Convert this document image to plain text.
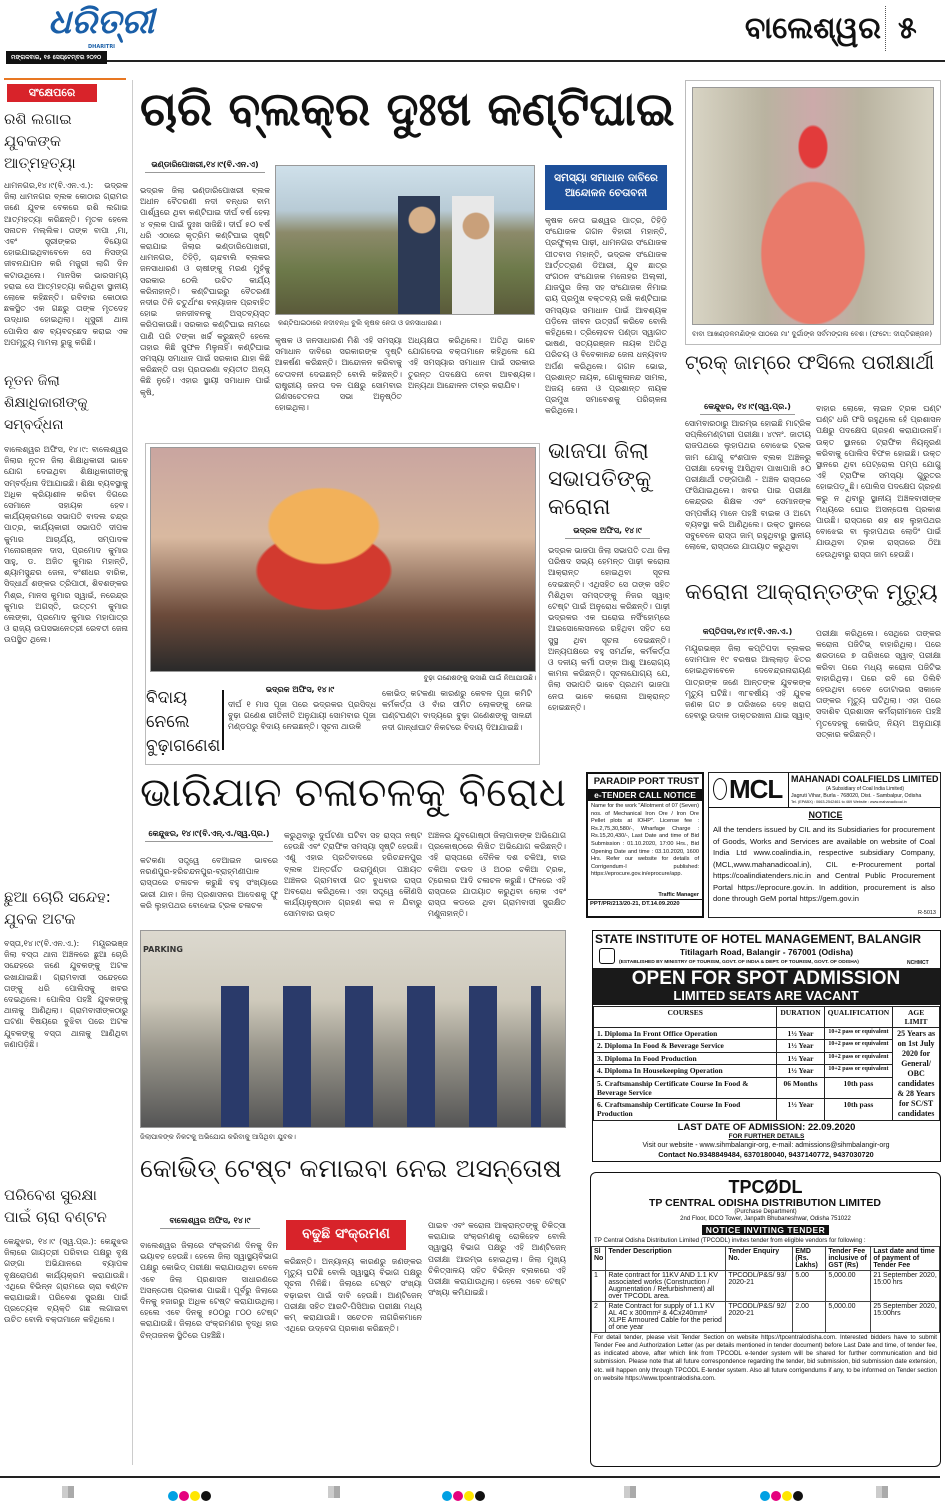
ଧରିତ୍ରୀ
DHARITRI
ମଙ୍ଗଳବାର, ୧୫ ସେପ୍ଟେମ୍ବର ୨୦୨୦
ବାଲେଶ୍ୱର ୫
ସଂକ୍ଷେପରେ
ରଶି ଲଗାଇ ଯୁବକଙ୍କ ଆତ୍ମହତ୍ୟା
ଧାମନଗର,୧୪।୯(ବି.ଏନ.ଏ.): ଭଦ୍ରକ ଜିଲା ଧାମନଗର ବ୍ଲକ କୋଠାର ଗ୍ରାମର ଜଣେ ଯୁବକ ବେକରେ ରଶି ଲଗାଇ ଆତ୍ମହତ୍ୟା କରିଛନ୍ତି। ମୃତକ ହେଲେ ସନାତନ ମଲ୍ଲିକ। ତାଙ୍କ ବାପା ,ମା, ଏବଂ ସ୍ତ୍ରୀଙ୍କର ବିୟୋଗ ହୋଇଯାଇଥିବାବେଳେ ସେ ନିସଙ୍ଗ ଜୀବନଯାପନ କରି ମଜୁରୀ ଲାଗି ଦିନ କଟାଉଥିଲେ। ମାନସିକ ଭାରସାମ୍ୟ ହରାଇ ସେ ଆତ୍ମହତ୍ୟା କରିଥିବା ସ୍ଥାନୀୟ ଲୋକେ କହିଛନ୍ତି। ରବିବାର କୋଠାର ଛକସ୍ଥିତ ଏକ ଗଛରୁ ତାଙ୍କ ମୃତଦେହ ଉଦ୍ଧାର ହୋଇଥିଲା। ଧୂସୁରୀ ଥାନା ପୋଲିସ ଶବ ବ୍ୟବଚ୍ଛେଦ କରାଇ ଏକ ଅପମୃତ୍ୟୁ ମାମଲା ରୁଜୁ କରିଛି।
ନୂତନ ଜିଲା ଶିକ୍ଷାଧିକାରୀଙ୍କୁ ସମ୍ବର୍ଦ୍ଧନା
ବାଲେଶ୍ୱର ଅଫିସ, ୧୪।୯: ବାଲେଶ୍ୱର ଜିଲାର ନୂତନ ଜିଲା ଶିକ୍ଷାଧିକାରୀ ଭାବେ ଯୋଗ ଦେଇଥିବା ଶିକ୍ଷାଧିକାରୀଙ୍କୁ ସମ୍ବର୍ଦ୍ଧନା ଦିଆଯାଇଛି। ଶିକ୍ଷା ବ୍ୟବସ୍ଥାକୁ ଅଧିକ କ୍ରିୟାଶୀଳ କରିବା ଦିଗରେ ସେମାନେ ସହାୟକ ହେବ। କାର୍ଯ୍ୟକ୍ରମରେ ସଭାପତି ବାଦଲ ଚନ୍ଦ୍ର ପାତ୍ର, କାର୍ଯ୍ୟକାରୀ ସଭାପତି ଦୀପକ କୁମାର ଆଚାର୍ଯ୍ୟ, ସମ୍ପାଦକ ମନୋରଞ୍ଜନ ଦାସ, ପ୍ରମୋଦ କୁମାର ସାହୁ, ଡ. ଅଜିତ କୁମାର ମହାନ୍ତି, ଶ୍ୟାମସୁନ୍ଦର ଜେନା, ବଂଶୀଧର ବାରିକ, ସିଦ୍ଧାର୍ଥ ଶଙ୍କର ତ୍ରିପାଠୀ, ଶିବଶଙ୍କର ମିଶ୍ର, ମାନସ କୁମାର ସ୍ୱାଇଁ, ନରେନ୍ଦ୍ର କୁମାର ଅଗସ୍ତି, ଉତ୍ତମ କୁମାର ଲେଙ୍କା, ପ୍ରମୋଦ କୁମାର ମହାପାତ୍ର ଓ ରାଜ୍ୟ ଉପସଭାନେତ୍ରୀ ରେବତୀ ଜେନା ଉପସ୍ଥିତ ଥିଲେ।
ଛୁଆ ଚୋରି ସନ୍ଦେହ: ଯୁବକ ଅଟକ
ବସ୍ତା,୧୪।୯(ବି.ଏନ.ଏ.): ମୟୂରଭଞ୍ଜ ଜିଲା ବସ୍ତା ଥାନା ଅଞ୍ଚଳରେ ଛୁଆ ଚୋରି ସନ୍ଦେହରେ ଜଣେ ଯୁବକଙ୍କୁ ଅଟକ ରଖାଯାଇଛି। ଗ୍ରାମବାସୀ ସନ୍ଦେହରେ ତାଙ୍କୁ ଧରି ପୋଲିସକୁ ଖବର ଦେଇଥିଲେ। ପୋଲିସ ପହଞ୍ଚି ଯୁବକଙ୍କୁ ଥାନାକୁ ଆଣିଥିଲା। ଗ୍ରାମବାସୀଙ୍କଠାରୁ ଘଟଣା ବିଷୟରେ ବୁଝିବା ପରେ ଅଟକ ଯୁବକଙ୍କୁ ବସ୍ତା ଥାନାକୁ ଆଣିଥିବା ଜଣାପଡ଼ିଛି।
ପରିବେଶ ସୁରକ୍ଷା ପାଇଁ ଚାରା ବଣ୍ଟନ
କେନ୍ଦୁଝର, ୧୪।୯ (ସ୍ୱ.ପ୍ର.): କେନ୍ଦୁଝର ଜିଲାରେ ଗାୟତ୍ରୀ ପରିବାର ପକ୍ଷରୁ ବୃକ୍ଷ ଗଙ୍ଗା ଅଭିଯାନରେ ବ୍ୟାପକ ବୃକ୍ଷରୋପଣ କାର୍ଯ୍ୟକ୍ରମ କରାଯାଉଛି। ଏଥିରେ ବିଭିନ୍ନ ଗ୍ରାମରେ ଚାରା ବଣ୍ଟନ କରାଯାଇଛି। ପରିବେଶ ସୁରକ୍ଷା ପାଇଁ ପ୍ରତ୍ୟେକ ବ୍ୟକ୍ତି ଗଛ ଲଗାଇବା ଉଚିତ ବୋଲି ବକ୍ତାମାନେ କହିଥିଲେ।
ଚାରି ବ୍ଲକ୍‌ର ଦୁଃଖ କଣ୍ଟିଘାଇ
ଭଣ୍ଡାରିପୋଖରୀ,୧୪।୯(ବି.ଏନ.ଏ)
ଭଦ୍ରକ ଜିଲା ଭଣ୍ଡାରିପୋଖରୀ ବ୍ଲକ ଅଧୀନ ବୈତରଣୀ ନଦୀ ବନ୍ଧର ବାମ ପାର୍ଶ୍ୱରେ ଥିବା କଣ୍ଟିଘାଇ ଦୀର୍ଘ ବର୍ଷ ହେଲା ୪ ବ୍ଲକ ପାଇଁ ଦୁଃଖ ସାଜିଛି। ଦୀର୍ଘ ୫୦ ବର୍ଷ ଧରି ଏଠାରେ କୃତ୍ରିମ କଣ୍ଟିଘାଇ ସୃଷ୍ଟି କରାଯାଇ ଜିଲାର ଭଣ୍ଡାରିପୋଖରୀ, ଧାମନଗର, ତିହିଡ଼ି, ଚାନ୍ଦବାଲି ବ୍ଲକର ଜନସାଧାରଣ ଓ ଚାଷୀଙ୍କୁ ମରଣ ମୁହଁକୁ ସରକାର ଠେଲି ଉଚିତ କାର୍ଯ୍ୟ କରିନାହାନ୍ତି। କଣ୍ଟିଘାଇରୁ ବୈତରଣୀ ନଦୀର ତିନି ଚତୁର୍ଥାଂଶ ବନ୍ୟାଜଳ ପ୍ରବାହିତ ହୋଇ ଜନଜୀବନକୁ ଅସ୍ତବ୍ୟସ୍ତ କରିପକାଉଛି। ସରକାର କଣ୍ଟିଘାଇ ନାମରେ ପାଣି ପରି ଟଙ୍କା ଖର୍ଚ୍ଚ କରୁଛନ୍ତି ହେଲେ ତାହାର କିଛି ସୁଫଳ ମିଳୁନାହିଁ। କଣ୍ଟିଘାଇ ସମସ୍ୟା ସମାଧାନ ପାଇଁ ସରକାର ଯାହା କିଛି କରିଛନ୍ତି ତାହା ପ୍ରତାରଣା ବ୍ୟତୀତ ଅନ୍ୟ କିଛି ନୁହେଁ। ଏହାର ସ୍ଥାୟୀ ସମାଧାନ ପାଇଁ କୃଷି,
କଣ୍ଟିଘାଇଠାରେ ନଦୀବନ୍ଧ ବୁଲି କୃଷକ ନେତା ଓ ଜନସାଧାରଣ।
କୃଷକ ଓ ଜନସାଧାରଣ ମିଶି ଏହି ସମସ୍ୟା ସମାଧାନ ଦାବିରେ ସରକାରଙ୍କ ଦୃଷ୍ଟି ଆକର୍ଷଣ କରିଛନ୍ତି। ଆନ୍ଦୋଳନ କରିବାକୁ ଚେତାବନୀ ଦେଇଛନ୍ତି ବୋଲି କହିଛନ୍ତି। ରାଷ୍ଟ୍ରୀୟ ଜନତା ଦଳ ପକ୍ଷରୁ ସୋମବାର ଗଣସଚେତନତା ସଭା ଅନୁଷ୍ଠିତ ହୋଇଥିଲା।
ଅଧ୍ୟକ୍ଷତା କରିଥିଲେ। ଅତିଥି ଭାବେ ଯୋଗଦେଇ ବକ୍ତାମାନେ କହିଥିଲେ ଯେ ଏହି ସମସ୍ୟାର ସମାଧାନ ପାଇଁ ସରକାର ତୁରନ୍ତ ପଦକ୍ଷେପ ନେବା ଆବଶ୍ୟକ। ଅନ୍ୟଥା ଆନ୍ଦୋଳନ ତୀବ୍ର କରାଯିବ।
ସମସ୍ୟା ସମାଧାନ ଦାବିରେ ଆନ୍ଦୋଳନ ଚେତାବନୀ
କୃଷକ ନେତା ଇଶ୍ୱର ପାତ୍ର, ତିହିଡ଼ି ସଂଯୋଜକ ଗଗନ ବିହାରୀ ମହାନ୍ତି, ପ୍ରଫୁଲ୍ଲ ପାଢ଼ୀ, ଧାମନଗର ସଂଯୋଜକ ପୀତବାସ ମହାନ୍ତି, ଭଦ୍ରକ ସଂଯୋଜକ ଆର୍ତ୍ତତ୍ରାଣ ଡିଆରୀ, ଯୁବ ଛାତ୍ର ସଂଗଠନ ସଂଯୋଜକ ମନୋହର ଅଲ୍ଲୀ, ଯାଜପୁର ଜିଲା ସହ ସଂଯୋଜକ ନିମାଇ ରାୟ ପ୍ରମୁଖ ବକ୍ତବ୍ୟ ରଖି କଣ୍ଟିଘାଇ ସମସ୍ୟାର ସମାଧାନ ପାଇଁ ଆବଶ୍ୟକ ପଡ଼ିଲେ ଜୀବନ ଉତ୍ସର୍ଗ କରିବେ ବୋଲି କହିଥିଲେ। ତ୍ରିଲୋଚନ ପଣ୍ଡା ସ୍ୱାଗତ ଭାଷଣ, ସତ୍ୟରଞ୍ଜନ ନାୟକ ଅତିଥି ପରିଚୟ ଓ ବିବେକାନନ୍ଦ ଜେନା ଧନ୍ୟବାଦ ଅର୍ପଣ କରିଥିଲେ। ଗଗନ ଭୋଇ, ପ୍ରଶାନ୍ତ ନାୟକ, ଗୋକୁଳାନନ୍ଦ ସାମଲ, ଅଜୟ ଜେନା ଓ ପ୍ରଶାନ୍ତ ନାୟକ ପ୍ରମୁଖ ସମାବେଶକୁ ପରିଚାଳନା କରିଥିଲେ।
ବାବା ଆଖଣ୍ଡଳମଣିଙ୍କ ପୀଠରେ ମା' ଦୁର୍ଗାଙ୍କ ସର୍ବମଙ୍ଗଳା ବେଶ। (ଫଟୋ: ଦୀପ୍ତିରଞ୍ଜନ)
ଟ୍ରକ୍ ଜାମ୍‌ରେ ଫସିଲେ ପରୀକ୍ଷାର୍ଥୀ
କେନ୍ଦୁଝର, ୧୪।୯(ସ୍ୱ.ପ୍ର.)
ସୋମବାରଠାରୁ ଆରମ୍ଭ ହୋଇଛି ମାଟ୍ରିକ ସପ୍ଲିମେଣ୍ଟାରୀ ପରୀକ୍ଷା। ୪୯ନଂ. ଜାତୀୟ ରାଜପଥରେ ଲୁହାପଥର ବୋଝେଇ ଟ୍ରକ ଜାମ ଯୋଗୁ ବଂଶପାଳ ବ୍ଲକ ଅଞ୍ଚଳରୁ ପରୀକ୍ଷା ଦେବାକୁ ଆସିଥିବା ପାଖାପାଖି ୫୦ ପରୀକ୍ଷାର୍ଥୀ ତଙ୍ଗପାଣି - ଅଞ୍ଚଳ ରାସ୍ତାରେ ଫସିଯାଇଥିଲେ। ଖବର ପାଇ ପରୀକ୍ଷା କେନ୍ଦ୍ରର ଶିକ୍ଷକ ଏବଂ ସେମାନଙ୍କ ସମ୍ପର୍କୀୟ ମାନେ ପହଞ୍ଚି ବାଇକ ଓ ଅଟୋ ବ୍ୟବସ୍ଥା କରି ଆଣିଥିଲେ। ଉକ୍ତ ସ୍ଥାନରେ ସବୁବେଳେ ରାସ୍ତା ଜାମ୍ ରହୁଥିବାରୁ ସ୍ଥାନୀୟ ଲୋକେ, ରାସ୍ତାରେ ଯାତାୟାତ କରୁଥିବା
ବାହାର ଲୋକେ, ଲାଇନ ଟ୍ରକ ଘଣ୍ଟ ଘଣ୍ଟ ଧରି ଫସି ରହୁଥିଲେ ହେଁ ପ୍ରଶାସନ ପକ୍ଷରୁ ପଦକ୍ଷେପ ଗ୍ରହଣ କରାଯାଉନାହିଁ। ଉକ୍ତ ସ୍ଥାନରେ ଟ୍ରାଫିକ ନିୟନ୍ତ୍ରଣ କରିବାକୁ ପୋଲିସ ବିଫଳ ହୋଇଛି। ଉକ୍ତ ସ୍ଥାନରେ ଥିବା ପେଟ୍ରୋଲ ପମ୍ପ ଯୋଗୁ ଏହି ଟ୍ରାଫିକ ସମସ୍ୟା ଗୁରୁତର ହୋଇପଡ଼ୁଛି। ପୋଲିସ ପଦକ୍ଷେପ ଗ୍ରହଣ କରୁ ନ ଥିବାରୁ ସ୍ଥାନୀୟ ଅଞ୍ଚଳବାସୀଙ୍କ ମଧ୍ୟରେ ଘୋର ଅସନ୍ତୋଷ ପ୍ରକାଶ ପାଉଛି। ରାସ୍ତାରେ ଶହ ଶହ ଲୁହାପଥର ବୋଝେଇ ବା ଲୁହାପଥର ଲୋଡିଂ ପାଇଁ ଯାଉଥିବା ଟ୍ରକ ରାସ୍ତାରେ ଠିଆ ହେଉଥିବାରୁ ରାସ୍ତା ଜାମ ହେଉଛି।
ଭାଜପା ଜିଲା ସଭାପତିଙ୍କୁ କରୋନା
ଭଦ୍ରକ ଅଫିସ, ୧୪।୯
ଭଦ୍ରକ ଭାଜପା ଜିଲା ସଭାପତି ତଥା ଜିଲା ପରିଷଦ ସଭ୍ୟ ହେମନ୍ତ ପାଢ଼ୀ କରୋନା ଆକ୍ରାନ୍ତ ହୋଇଥିବା ସୂଚନା ଦେଇଛନ୍ତି। ଏଥିସହିତ ସେ ତାଙ୍କ ସହିତ ମିଶିଥିବା ସମସ୍ତଙ୍କୁ ନିଜର ସ୍ୱାବ୍ ଟେଷ୍ଟ ପାଇଁ ଅନୁରୋଧ କରିଛନ୍ତି। ପାଢ଼ୀ ଭଦ୍ରକର ଏକ ଘରୋଇ ନର୍ସିଂହୋମ୍‌ରେ ଆଇସୋଲେସନରେ ରହିଥିବା ସହିତ ସେ ସୁସ୍ଥ ଥିବା ସୂଚନା ଦେଇଛନ୍ତି। ଅନ୍ୟପକ୍ଷରେ ବହୁ ସମର୍ଥକ, କର୍ମକର୍ତ୍ତା ଓ ଦଳୀୟ କର୍ମୀ ତାଙ୍କ ଆଶୁ ଆରୋଗ୍ୟ କାମନା କରିଛନ୍ତି। ସୂଚନାଯୋଗ୍ୟ ଯେ, ଜିଲା ସଭାପତି ଭାବେ ପ୍ରଥମ ଭାଜପା ନେତା ଭାବେ କରୋନା ଆକ୍ରାନ୍ତ ହୋଇଛନ୍ତି।
ବୁଢ଼ା ଗଣେଶଙ୍କୁ ଭସାଣି ପାଇଁ ନିଆଯାଉଛି।
ବିଦାୟ ନେଲେ ବୁଢ଼ାଗଣେଶ
ଭଦ୍ରକ ଅଫିସ, ୧୪।୯
ଦୀର୍ଘ ୧ ମାସ ପୂଜା ପରେ ଭଦ୍ରକର ପ୍ରସିଦ୍ଧ ବୁଢ଼ା ଗଣେଶ ରୀତିନୀତି ଅନୁଯାୟୀ ସୋମବାର ପୂଜା ମଣ୍ଡପରୁ ବିଦାୟ ନେଇଛନ୍ତି। ସୂଚନା ଥାଉକି
କୋଭିଡ୍ କଟକଣା କାରଣରୁ କେବଳ ପୂଜା କମିଟି କର୍ମକର୍ତ୍ତା ଓ ବାଁର ସୀମିତ ଲୋକଙ୍କୁ ନେଇ ଘଣ୍ଟଘଣ୍ଟା ବାଦ୍ୟରେ ବୁଢ଼ା ଗଣେଶଙ୍କୁ ସାଳନ୍ଦୀ ନଦୀ ଗାନ୍ଧୀଘାଟ ନିକଟରେ ବିଦାୟ ଦିଆଯାଇଛି।
କରୋନା ଆକ୍ରାନ୍ତଙ୍କ ମୃତ୍ୟୁ
କପ୍ତିପଦା,୧୪।୯(ବି.ଏନ.ଏ.)
ମୟୂରଭଞ୍ଜ ଜିଲା କପ୍ତିପଦା ବ୍ଲକର ଦୋମପାଳ ୧୯ ବରଷର ଆଲ୍ଲାଡ଼ ଝିତର ହୋଇଥିବାବେଳେ ଦେବେନ୍ଦ୍ରନାରାୟଣ ପାତ୍ରଙ୍କ ଜଣେ ଆନ୍ତଙ୍କ ଯୁବକଙ୍କ ମୃତ୍ୟୁ ଘଟିଛି। ୩୮ବର୍ଷୀୟ ଏହି ଯୁବକ ଜଣକ ଗତ ୭ ତାରିଖରେ ଦେହ ଖରାପ ହେବାରୁ ଉଦାଳ ଡାକ୍ତରଖାନା ଯାଇ ସ୍ୱାବ୍
ପରୀକ୍ଷା କରିଥିଲେ। ସେଥିରେ ତାଙ୍କର କରୋନା ପଜିଟିଭ୍ ବାହାରିଥିଲା। ପରେ ଶରଡାରେ ୭ ତାରିଖରେ ସ୍ୱାବ୍ ପରୀକ୍ଷା କରିବା ପରେ ମଧ୍ୟ କରୋନା ପଜିଟିଭ ବାହାରିଥିଲା। ପରେ ରବି ରେ ଡିଲିବି ହେଉଥିବା ଦେବେ ଡୋଟାଭର ସକାଳେ ତାଙ୍କର ମୃତ୍ୟୁ ଘଟିଥିଲା। ଏହା ପରେ ସଦାଶିବ ପ୍ରଶାସନ କର୍ମଚାରୀମାନେ ପହଞ୍ଚି ମୃତଦେହକୁ କୋଭିଡ୍ ନିୟମ ଅନୁଯାୟୀ ସତ୍କାର କରିଛନ୍ତି।
ଭାରିଯାନ ଚଳାଚଳକୁ ବିରୋଧ
କେନ୍ଦୁଝର, ୧୪।୯(ବି.ଏନ୍.ଏ./ସ୍ୱ.ପ୍ର.)
କଟକଣା ସତ୍ତ୍ୱେ ବେଆଇନ ଭାବରେ ନରଣପୁର-ହରିଚନ୍ଦନପୁର-ବ୍ରାହ୍ମଣୀପାଳ ରାସ୍ତାରେ ଚଳାଚଳ କରୁଛି ବହୁ ସଂଖ୍ୟାରେ ଭାରୀ ଯାନ। ଜିଲା ପ୍ରଶାସନର ଆଦେଶକୁ ଫୁ କରି ଲୁହାପଥର ବୋଝେଇ ଟ୍ରକ ଚଳାଚଳ
କରୁଥିବାରୁ ଦୁର୍ଘଟଣା ଘଟିବା ସହ ରାସ୍ତା ନଷ୍ଟ ହେଉଛି ଏବଂ ଟ୍ରାଫିକ ସମସ୍ୟା ସୃଷ୍ଟି ହେଉଛି। ଏଣୁ ଏହାର ପ୍ରତିବାଦରେ ହରିଚନ୍ଦନପୁର ବ୍ଲକ ଅନ୍ତର୍ଗତ ଉରାମୁଣ୍ଡା ପଞ୍ଚାୟତ ଅଞ୍ଚଳର ଗ୍ରାମବାସୀ ଗତ ବୁଧବାର ରାସ୍ତା ଅବରୋଧ କରିଥିଲେ। ଏହା ସତ୍ତ୍ୱେ କୌଣସି କାର୍ଯ୍ୟାନୁଷ୍ଠାନ ଗ୍ରହଣ କରା ନ ଯିବାରୁ ସୋମବାର ଉକ୍ତ
ଅଞ୍ଚଳର ଯୁବଗୋଷ୍ଠୀ ଜିଲାପାଳଙ୍କ ଅଭିଯୋଗ ପ୍ରକୋଷ୍ଠରେ ଲିଖିତ ଅଭିଯୋଗ କରିଛନ୍ତି। ଏହି ରାସ୍ତାରେ ଦୈନିକ ଦଶ ଚକିଆ, ବାର ଚକିଆ ଚଉଦ ଓ ଅଠର ଚକିଆ ଟ୍ରକ, ଟ୍ରେଲର ଆଦି ଚଳାଚଳ କରୁଛି। ଫଳରେ ଏହି ରାସ୍ତାରେ ଯାତାୟାତ କରୁଥିବା ଲୋକ ଏବଂ ରାସ୍ତା କଡରେ ଥିବା ଗ୍ରାମବାସୀ ସୁରକ୍ଷିତ ମଣୁନାହାନ୍ତି।
PARKING
ଜିଲାପାଳଙ୍କ ନିକଟକୁ ଅଭିଯୋଗ କରିବାକୁ ଆସିଥିବା ଯୁବକ।
କୋଭିଡ୍ ଟେଷ୍ଟ କମାଇବା ନେଇ ଅସନ୍ତୋଷ
ବାଲେଶ୍ୱର ଅଫିସ, ୧୪।୯
ବଢୁଛି ସଂକ୍ରମଣ
ବାଲେଶ୍ୱର ଜିଲାରେ ସଂକ୍ରମଣ ଦିନକୁ ଦିନ ଭୟାବହ ହେଉଛି। ହେଲେ ଜିଲା ସ୍ୱାସ୍ଥ୍ୟବିଭାଗ ପକ୍ଷରୁ କୋଭିଡ୍ ପରୀକ୍ଷା କରାଯାଉଥିବା ବେଳେ ଏବେ ଜିଲା ପ୍ରଶାସନ ସାଧାରଣରେ ଅସନ୍ତୋଷ ପ୍ରକାଶ ପାଇଛି। ପୂର୍ବରୁ ଜିଲାରେ ଦିନକୁ ହଜାରରୁ ଅଧିକ ଟେଷ୍ଟ କରାଯାଉଥିଲା। ହେଲେ ଏବେ ଦିନକୁ ୫୦୦ରୁ ୮୦୦ ଟେଷ୍ଟ କରାଯାଉଛି। ଜିଲାରେ ସଂକ୍ରମଣର ବୃଦ୍ଧି ହାର ଚିନ୍ତାଜନକ ସ୍ଥିତିରେ ପହଞ୍ଚିଛି।
କରିଛନ୍ତି। ଅନ୍ୟାନ୍ୟ କାରଣରୁ ଜଣଙ୍କର ମୃତ୍ୟୁ ଘଟିଛି ବୋଲି ସ୍ୱାସ୍ଥ୍ୟ ବିଭାଗ ପକ୍ଷରୁ ସୂଚନା ମିଳିଛି। ଜିଲାରେ ଟେଷ୍ଟ ସଂଖ୍ୟା ବଢ଼ାଇବା ପାଇଁ ଦାବି ହେଉଛି। ଆଣ୍ଟିଜେନ୍ ପରୀକ୍ଷା ସହିତ ଆରଟି-ପିସିଆର ପରୀକ୍ଷା ମଧ୍ୟ କମ୍ କରାଯାଉଛି। ସଚେତନ ନାଗରିକମାନେ ଏଥିରେ ଉଦ୍‌ବେଗ ପ୍ରକାଶ କରିଛନ୍ତି।
ପାଇବ ଏବଂ କରୋନା ଆକ୍ରାନ୍ତଙ୍କୁ ଚିକିତ୍ସା କରାଯାଇ ସଂକ୍ରମଣକୁ ରୋକିହେବ ବୋଲି ସ୍ୱାସ୍ଥ୍ୟ ବିଭାଗ ପକ୍ଷରୁ ଏହି ଆଣ୍ଟିଜେନ୍ ପରୀକ୍ଷା ଆରମ୍ଭ ହୋଇଥିଲା। ଜିଲା ମୁଖ୍ୟ ଚିକିତ୍ସାଳୟ ସହିତ ବିଭିନ୍ନ ବ୍ଲକରେ ଏହି ପରୀକ୍ଷା କରାଯାଉଥିଲା। ହେଲେ ଏବେ ଟେଷ୍ଟ ସଂଖ୍ୟା କମିଯାଇଛି।
PARADIP PORT TRUST
e-TENDER CALL NOTICE
Name for the work "Allotment of 07 (Seven) nos. of Mechanical Iron Ore / Iron Ore Pellet plots at IOHP". License fee : Rs.2,75,30,580/-, Wharfage Charge : Rs.15,20,430/-, Last Date and time of Bid Submission : 01.10.2020, 17:00 Hrs., Bid Opening Date and time : 03.10.2020, 1600 Hrs. Refer our website for details of Corrigendum-I published: https://eprocure.gov.in/eprocure/app.
Traffic Manager
PPT/PR/213/20-21, DT.14.09.2020
MCL MAHANADI COALFIELDS LIMITED
(A Subsidiary of Coal India Limited)
Jagruti Vihar, Burla - 768020, Dist. - Sambalpur, Odisha
Tel. (EPABX) : 0663-2542461 to 469 Website : www.mahanadicoal.in
NOTICE
All the tenders issued by CIL and its Subsidiaries for procurement of Goods, Works and Services are available on website of Coal India Ltd www.coalindia.in, respective subsidiary Company, (MCL,www.mahanadicoal.in), CIL e-Procurement portal https://coalindiatenders.nic.in and Central Public Procurement Portal https://eprocure.gov.in. In addition, procurement is also done through GeM portal https://gem.gov.in
R-5013
STATE INSTITUTE OF HOTEL MANAGEMENT, BALANGIR
Titilagarh Road, Balangir - 767001 (Odisha)
(ESTABLISHED BY MINISTRY OF TOURISM, GOVT. OF INDIA & DEPT. OF TOURISM, GOVT. OF ODISHA)	NCHMCT
OPEN FOR SPOT ADMISSION
LIMITED SEATS ARE VACANT
COURSES	DURATION	QUALIFICATION	AGE LIMIT
1. Diploma In Front Office Operation	1½ Year	10+2 pass or equivalent	25 Years as on 1st July 2020 for General/ OBC candidates & 28 Years for SC/ST candidates
2. Diploma In Food & Beverage Service	1½ Year	10+2 pass or equivalent	
3. Diploma In Food Production	1½ Year	10+2 pass or equivalent	
4. Diploma In Housekeeping Operation	1½ Year	10+2 pass or equivalent	
5. Craftsmanship Certificate Course In Food & Beverage Service	06 Months	10th pass	
6. Craftsmanship Certificate Course In Food Production	1½ Year	10th pass	
LAST DATE OF ADMISSION: 22.09.2020
FOR FURTHER DETAILS
Visit our website - www.sihmbalangir-org, e-mail: admissions@sihmbalangir-org
Contact No.9348849484, 6370180040, 9437140772, 9437030720
TPCØDL
TP CENTRAL ODISHA DISTRIBUTION LIMITED
(Purchase Department)
2nd Floor, IDCO Tower, Janpath Bhubaneshwar, Odisha 751022
NOTICE INVITING TENDER
TP Central Odisha Distribution Limited (TPCODL) invites tender from eligible vendors for following :
Sl No	Tender Description	Tender Enquiry No.	EMD (Rs. Lakhs)	Tender Fee inclusive of GST (Rs)	Last date and time of payment of Tender Fee
1	Rate contract for 11KV AND 1.1 KV associated works (Construction / Augmentation / Refurbishment) all over TPCODL area.	TPCODL/P&S/ 93/ 2020-21	5.00	5,000.00	21 September 2020, 15:00 hrs
2	Rate Contract for supply of 1.1 KV AL 4C x 300mm² & 4Cx240mm² XLPE Armoured Cable for the period of one year	TPCODL/P&S/ 92/ 2020-21	2.00	5,000.00	25 September 2020, 15:00hrs
For detail tender, please visit Tender Section on website https://tpcentralodisha.com. Interested bidders have to submit Tender Fee and Authorization Letter (as per details mentioned in tender document) before Last Date and time, of tender fee, as indicated above, after which link from TPCODL e-tender system will be shared for further communication and bid submission. Please note that all future correspondence regarding the tender, bid submission, bid submission date extension, etc. will happen only through TPCODL E-tender system. Also all future corrigendums if any, to be informed on Tender section on website https://www.tpcentralodisha.com.
